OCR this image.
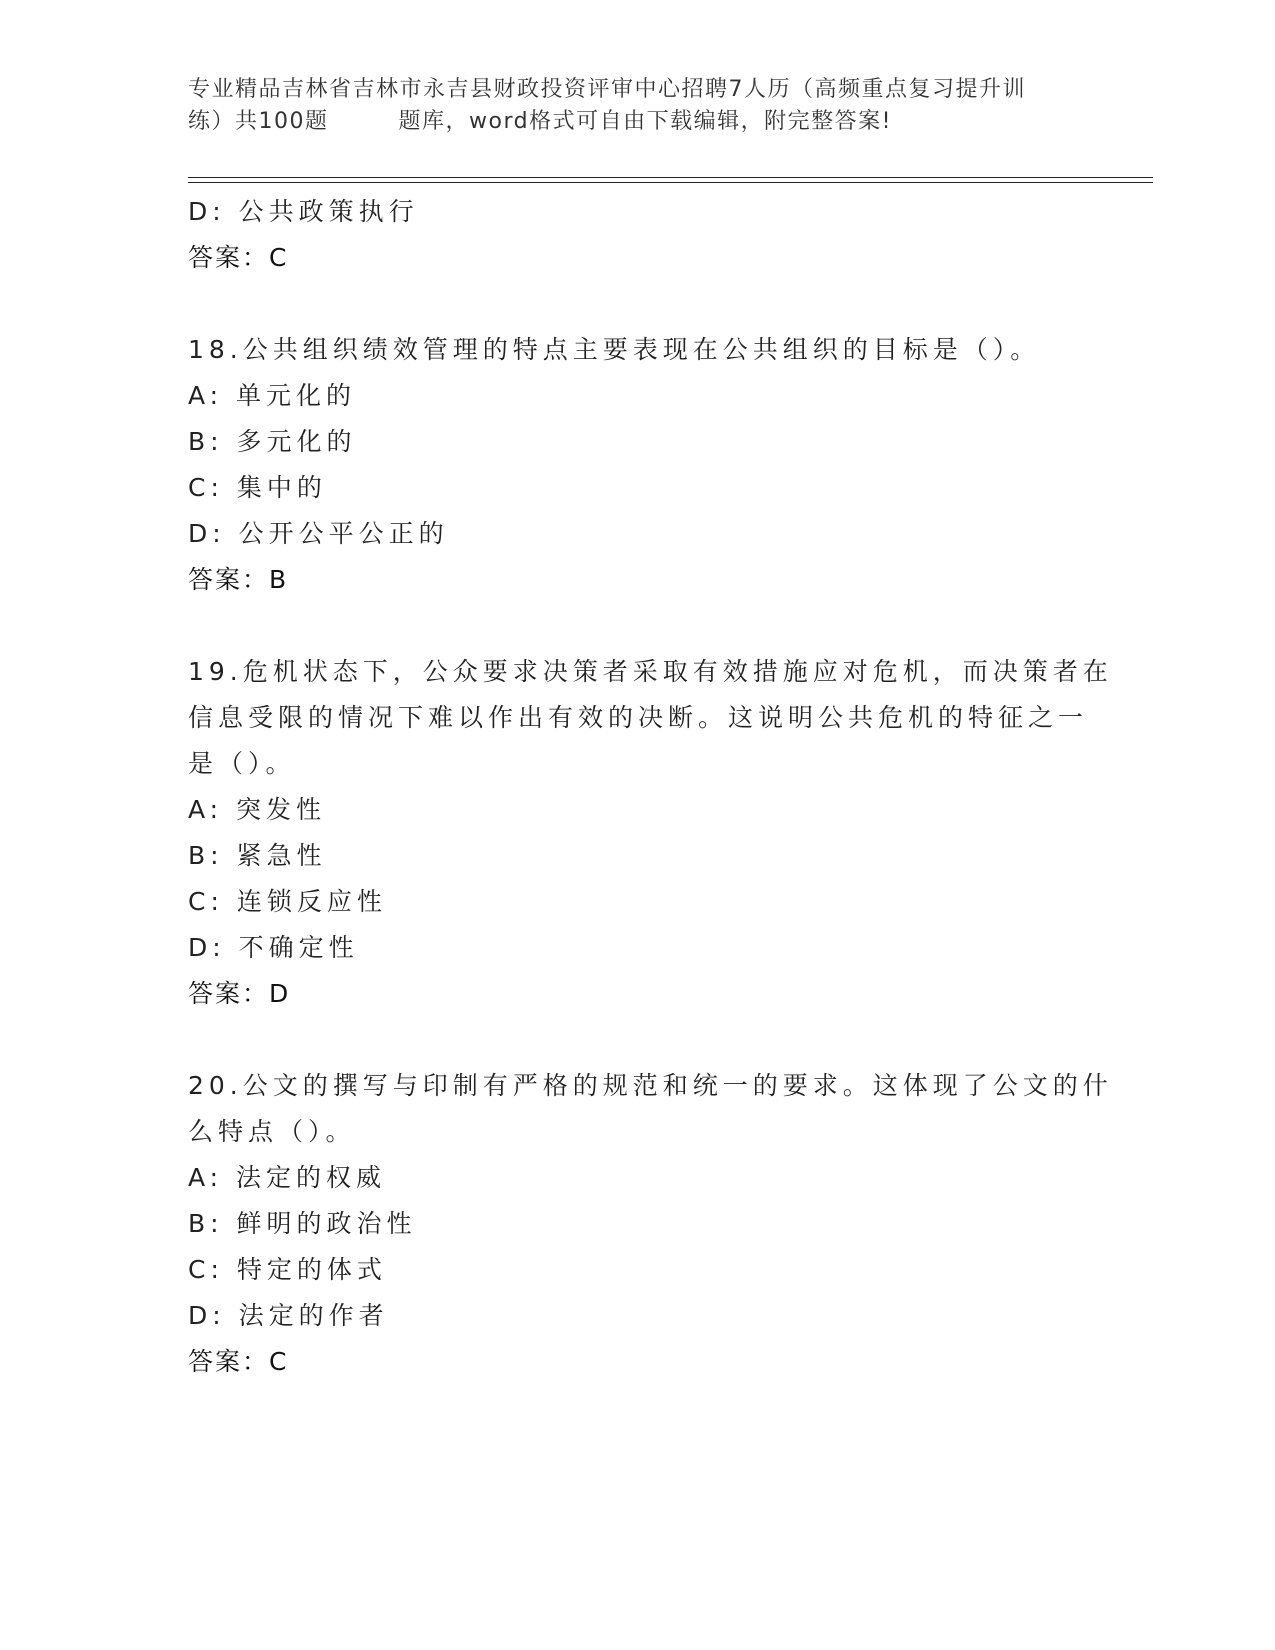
专业精品吉林省吉林市永吉县财政投资评审中心招聘7人历（高频重点复习提升训
练）共100题	题库，word格式可自由下载编辑，附完整答案!
D: 公共政策执行
答案：C
18.公共组织绩效管理的特点主要表现在公共组织的目标是（）。
A: 单元化的
B: 多元化的
C: 集中的
D: 公开公平公正的
答案：B
19.危机状态下，公众要求决策者采取有效措施应对危机，而决策者在
信息受限的情况下难以作出有效的决断。这说明公共危机的特征之一
是（）。
A: 突发性
B: 紧急性
C: 连锁反应性
D: 不确定性
答案：D
20.公文的撰写与印制有严格的规范和统一的要求。这体现了公文的什
么特点（）。
A: 法定的权威
B: 鲜明的政治性
C: 特定的体式
D: 法定的作者
答案：C
